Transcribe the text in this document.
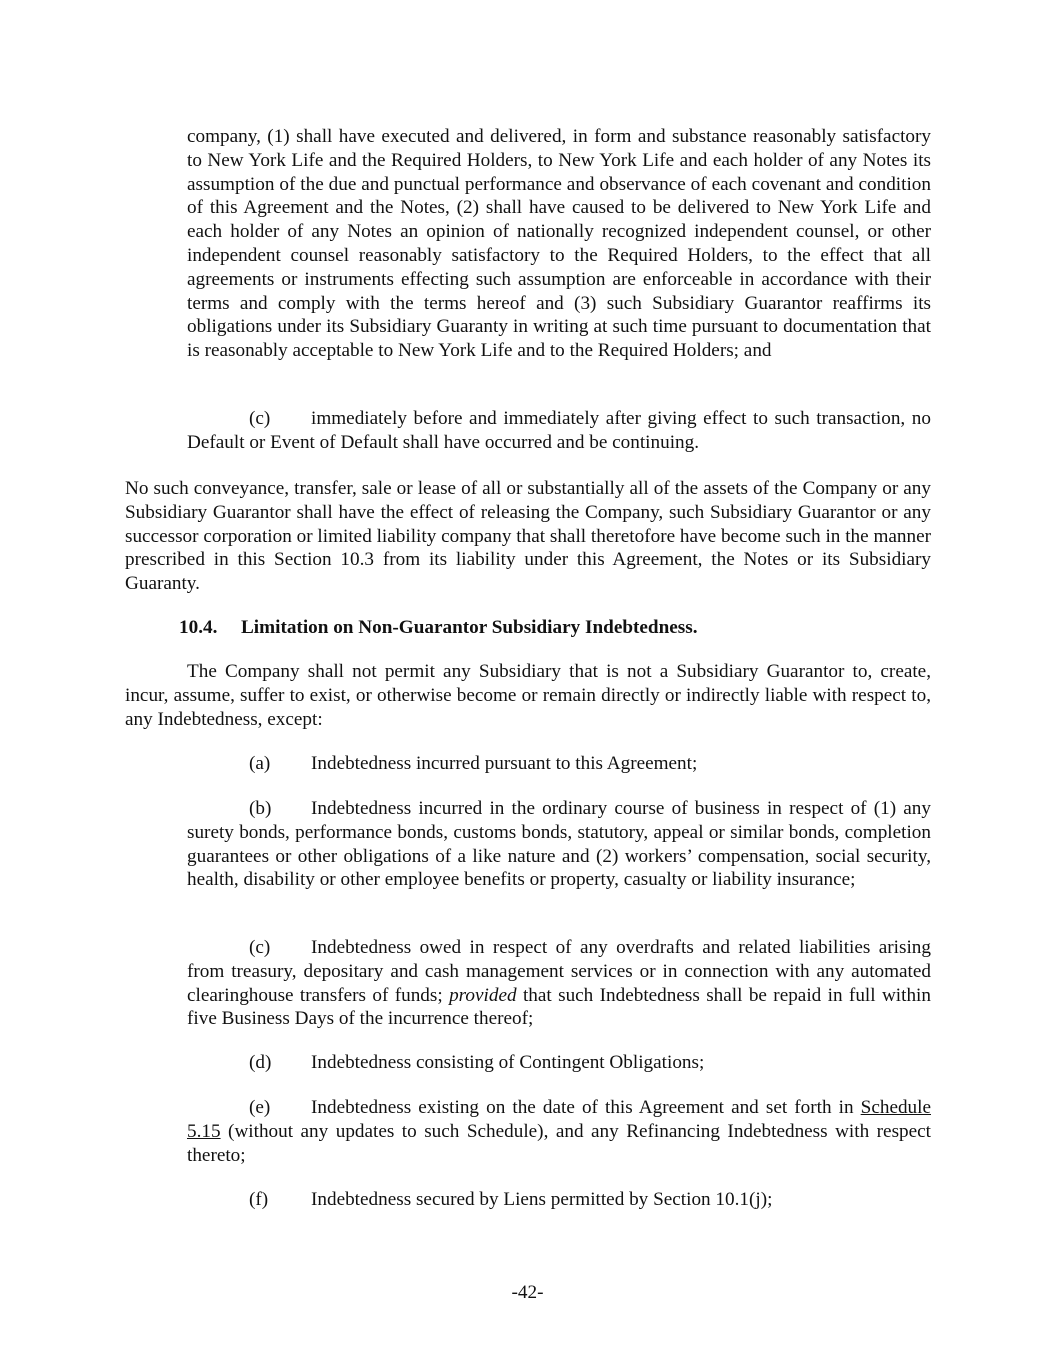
company, (1) shall have executed and delivered, in form and substance reasonably satisfactory to New York Life and the Required Holders, to New York Life and each holder of any Notes its assumption of the due and punctual performance and observance of each covenant and condition of this Agreement and the Notes, (2) shall have caused to be delivered to New York Life and each holder of any Notes an opinion of nationally recognized independent counsel, or other independent counsel reasonably satisfactory to the Required Holders, to the effect that all agreements or instruments effecting such assumption are enforceable in accordance with their terms and comply with the terms hereof and (3) such Subsidiary Guarantor reaffirms its obligations under its Subsidiary Guaranty in writing at such time pursuant to documentation that is reasonably acceptable to New York Life and to the Required Holders; and

(c) immediately before and immediately after giving effect to such transaction, no Default or Event of Default shall have occurred and be continuing.

No such conveyance, transfer, sale or lease of all or substantially all of the assets of the Company or any Subsidiary Guarantor shall have the effect of releasing the Company, such Subsidiary Guarantor or any successor corporation or limited liability company that shall theretofore have become such in the manner prescribed in this Section 10.3 from its liability under this Agreement, the Notes or its Subsidiary Guaranty.

10.4. Limitation on Non-Guarantor Subsidiary Indebtedness.

The Company shall not permit any Subsidiary that is not a Subsidiary Guarantor to, create, incur, assume, suffer to exist, or otherwise become or remain directly or indirectly liable with respect to, any Indebtedness, except:

(a) Indebtedness incurred pursuant to this Agreement;

(b) Indebtedness incurred in the ordinary course of business in respect of (1) any surety bonds, performance bonds, customs bonds, statutory, appeal or similar bonds, completion guarantees or other obligations of a like nature and (2) workers’ compensation, social security, health, disability or other employee benefits or property, casualty or liability insurance;

(c) Indebtedness owed in respect of any overdrafts and related liabilities arising from treasury, depositary and cash management services or in connection with any automated clearinghouse transfers of funds; provided that such Indebtedness shall be repaid in full within five Business Days of the incurrence thereof;

(d) Indebtedness consisting of Contingent Obligations;

(e) Indebtedness existing on the date of this Agreement and set forth in Schedule 5.15 (without any updates to such Schedule), and any Refinancing Indebtedness with respect thereto;

(f) Indebtedness secured by Liens permitted by Section 10.1(j);
-42-
